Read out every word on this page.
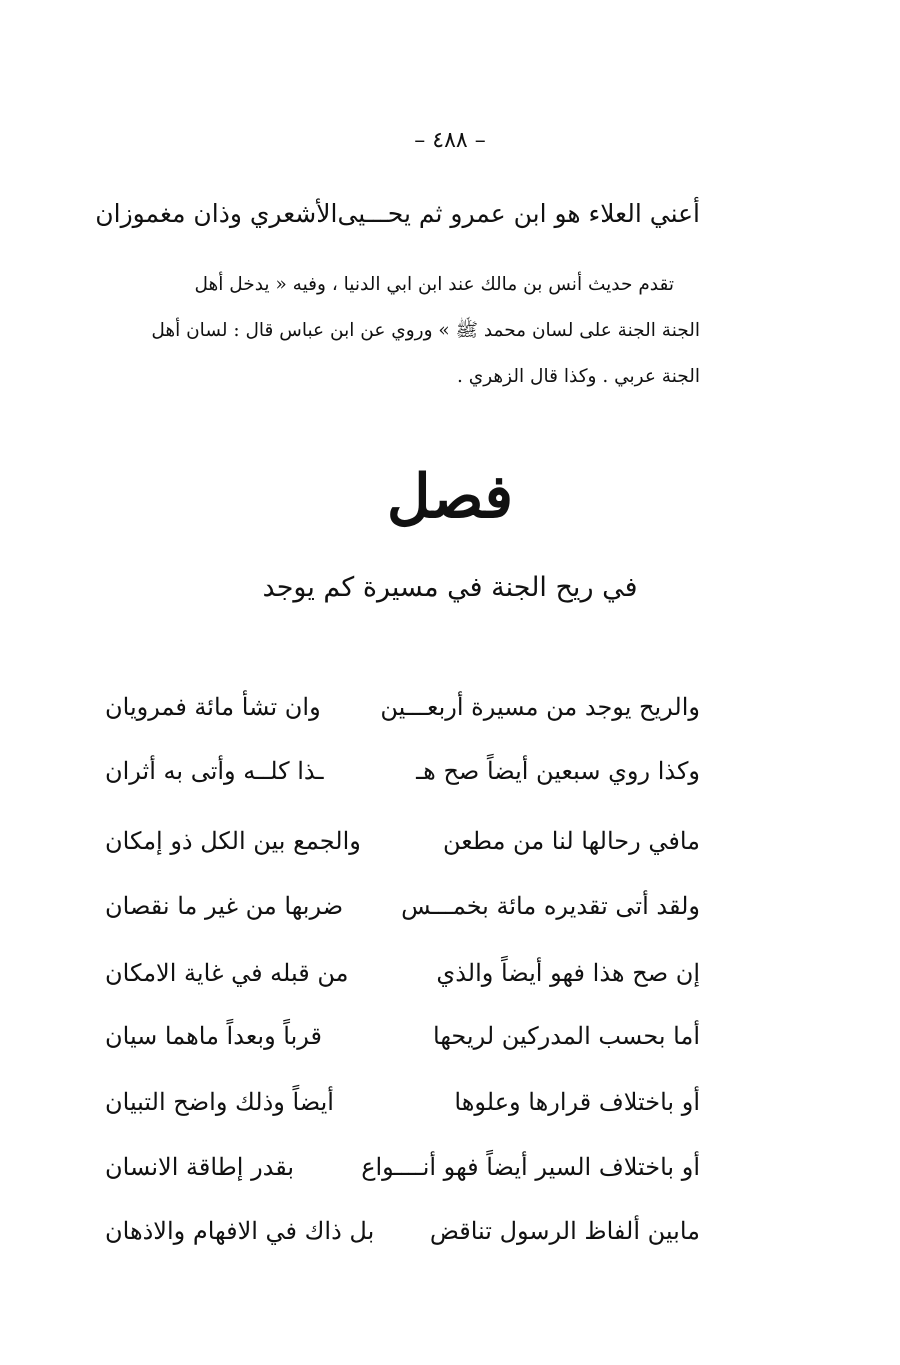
– ٤٨٨ –
أعني العلاء هو ابن عمرو ثم يحـــيى
الأشعري وذان مغموزان

تقدم حديث أنس بن مالك عند ابن ابي الدنيا ، وفيه « يدخل أهل

الجنة الجنة على لسان محمد ﷺ » وروي عن ابن عباس قال : لسان أهل

الجنة عربي . وكذا قال الزهري .

فصل
في ريح الجنة في مسيرة كم يوجد
والريح يوجد من مسيرة أربعـــين
وان تشأ مائة فمرويان
وكذا روي سبعين أيضاً صح هـ
ـذا كلــه وأتى به أثران
مافي رحالها لنا من مطعن
والجمع بين الكل ذو إمكان
ولقد أتى تقديره مائة بخمـــس
ضربها من غير ما نقصان
إن صح هذا فهو أيضاً والذي
من قبله في غاية الامكان
أما بحسب المدركين لريحها
قرباً وبعداً ماهما سيان
أو باختلاف قرارها وعلوها
أيضاً وذلك واضح التبيان
أو باختلاف السير أيضاً فهو أنــــواع
بقدر إطاقة الانسان
مابين ألفاظ الرسول تناقض
بل ذاك في الافهام والاذهان
